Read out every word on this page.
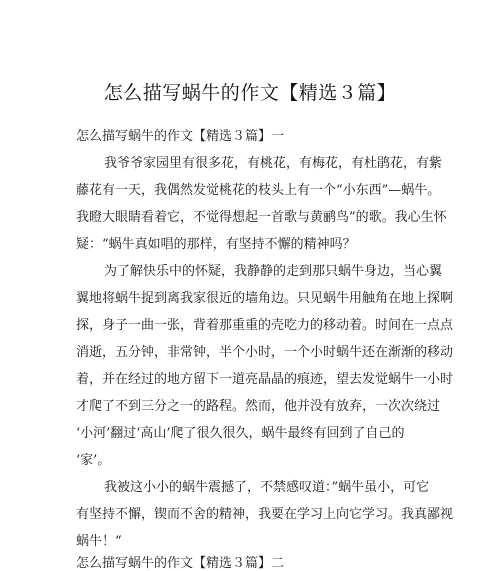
怎么描写蜗牛的作文【精选３篇】
怎么描写蜗牛的作文【精选３篇】一
我爷爷家园里有很多花，有桃花，有梅花，有杜鹃花，有紫
藤花有一天，我偶然发觉桃花的枝头上有一个“小东西”—蜗牛。
我瞪大眼睛看着它，不觉得想起一首歌与黄鹂鸟”的歌。我心生怀
疑：“蜗牛真如唱的那样，有坚持不懈的精神吗？
为了解快乐中的怀疑，我静静的走到那只蜗牛身边，当心翼
翼地将蜗牛捉到离我家很近的墙角边。只见蜗牛用触角在地上探啊
探，身子一曲一张，背着那重重的壳吃力的移动着。时间在一点点
消逝，五分钟，非常钟，半个小时，一个小时蜗牛还在渐渐的移动
着，并在经过的地方留下一道亮晶晶的痕迹，望去发觉蜗牛一小时
才爬了不到三分之一的路程。然而，他并没有放弃，一次次绕过
‘小河’翻过‘高山’爬了很久很久，蜗牛最终有回到了自己的
‘家’。
我被这小小的蜗牛震撼了，不禁感叹道：”蜗牛虽小，可它
有坚持不懈，锲而不舍的精神，我要在学习上向它学习。我真鄙视
蜗牛！“
怎么描写蜗牛的作文【精选３篇】二
